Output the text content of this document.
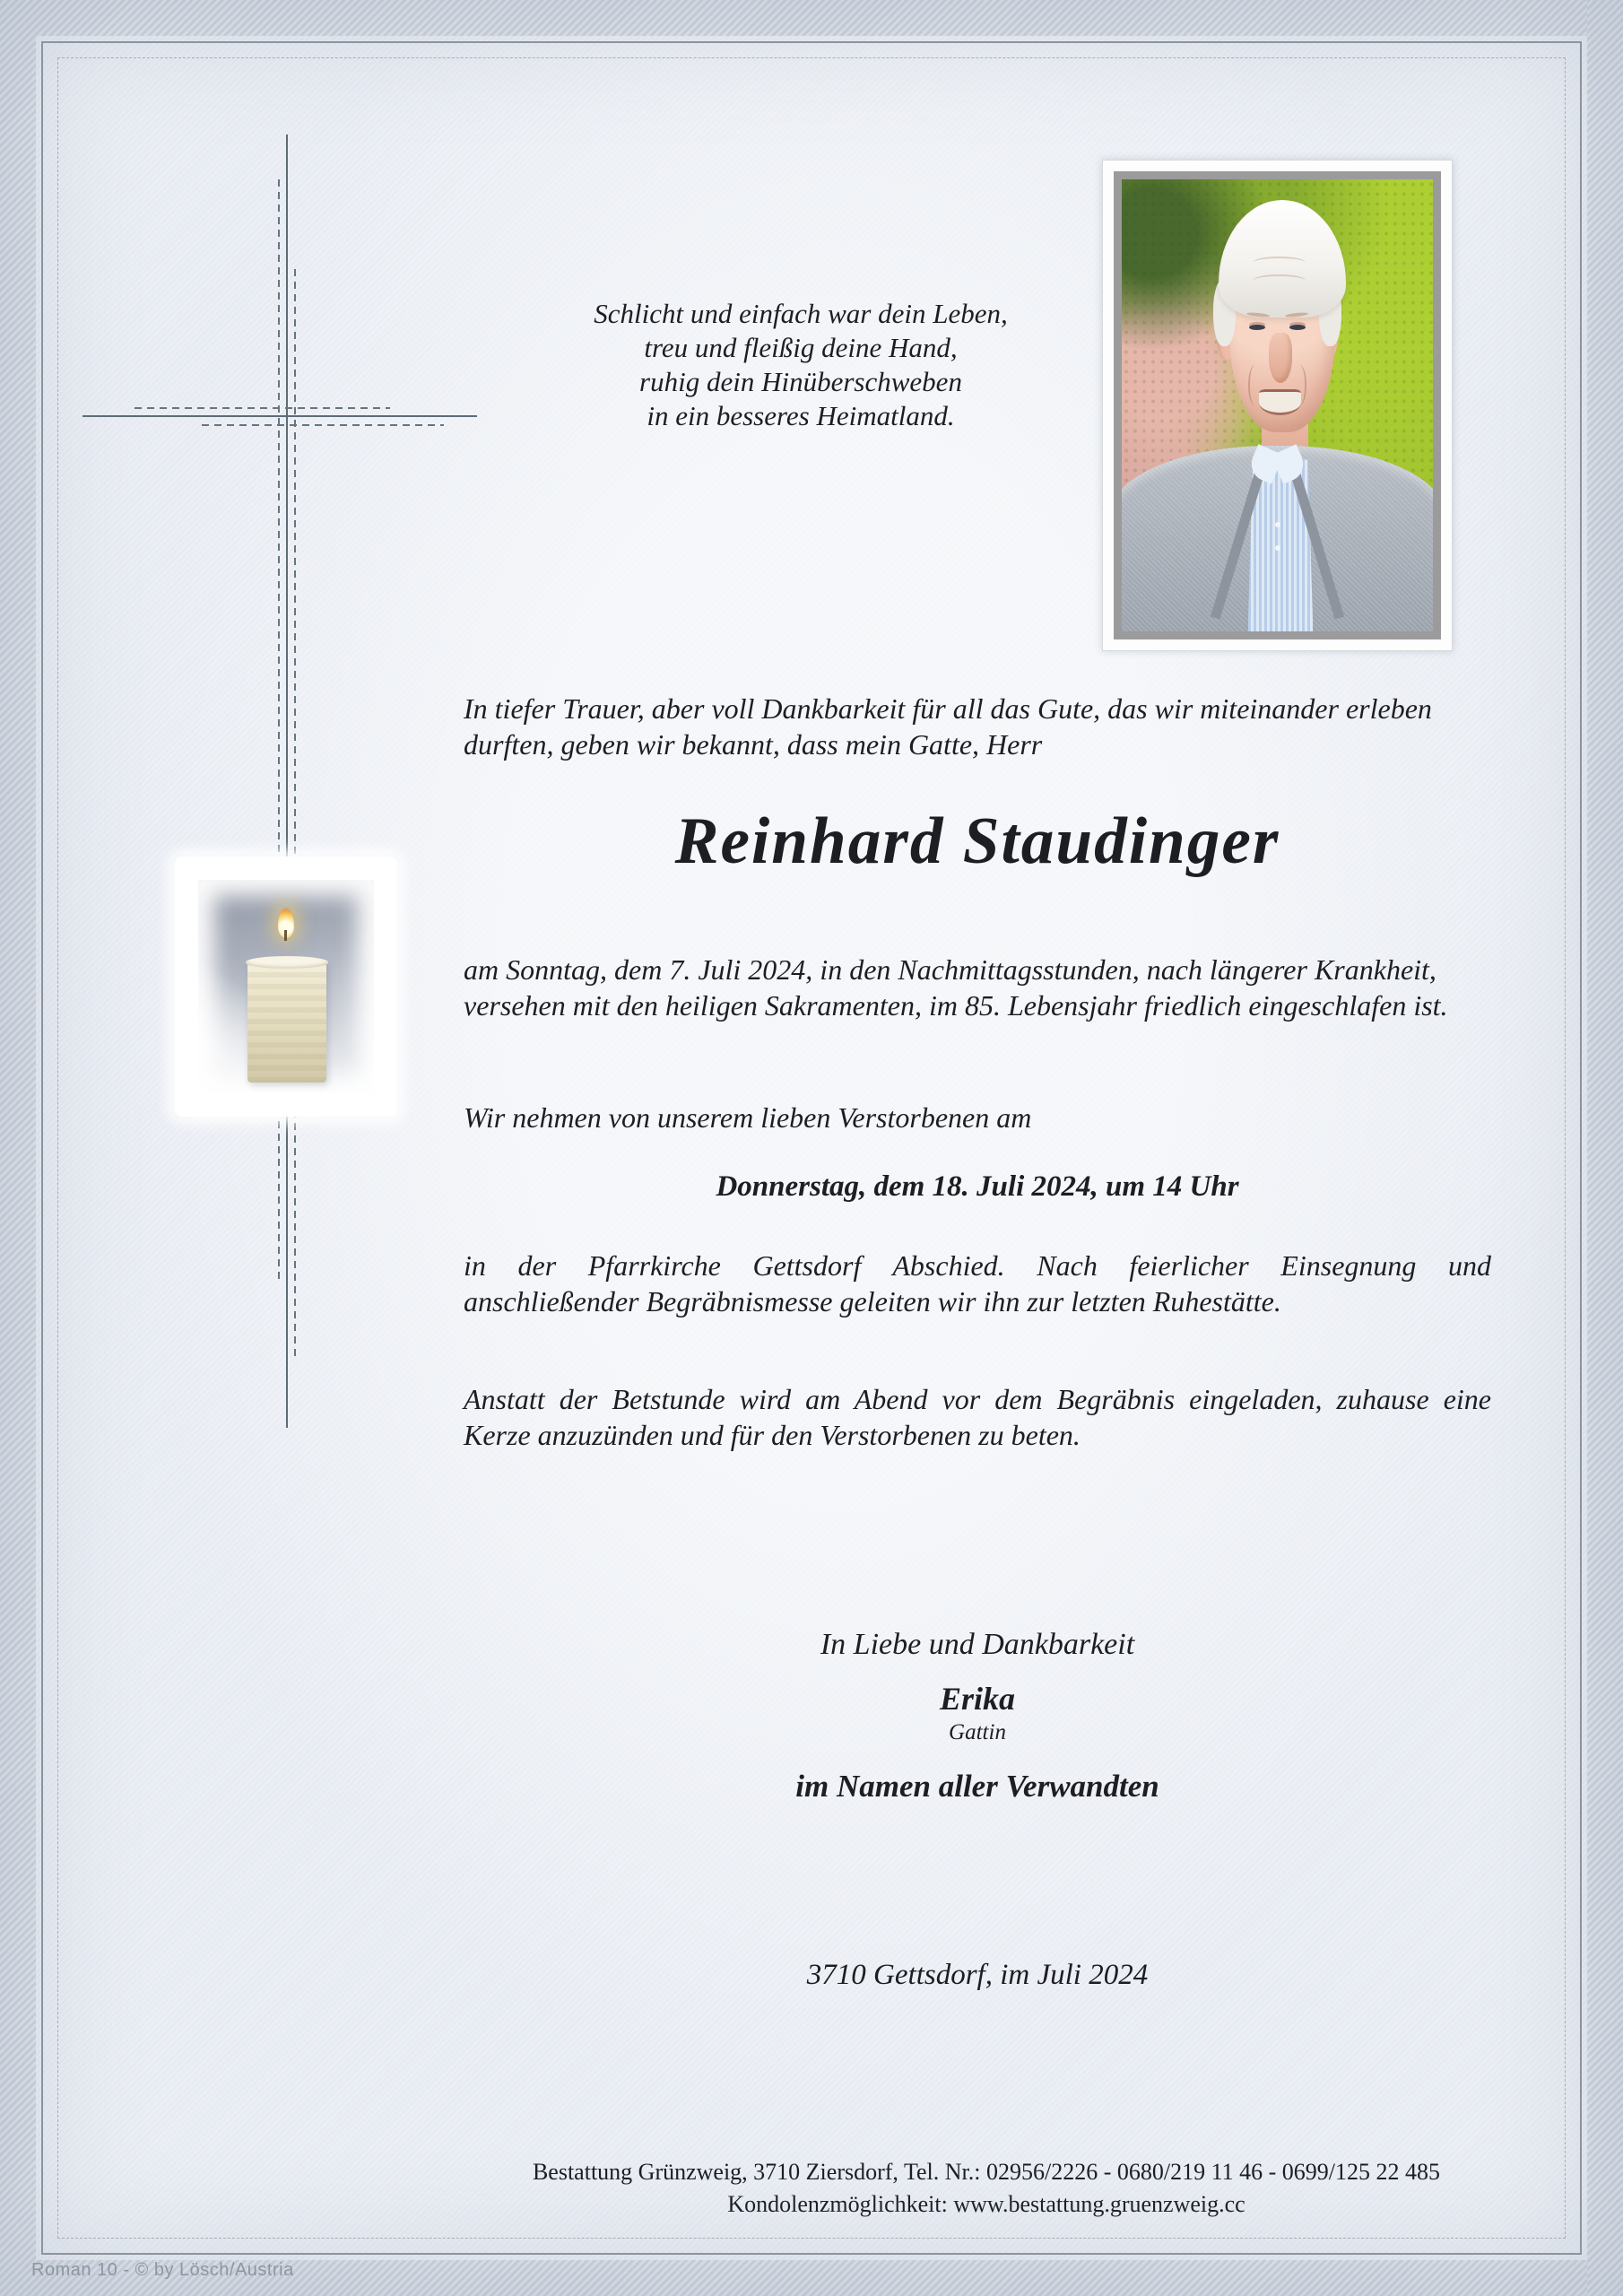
Schlicht und einfach war dein Leben,
treu und fleißig deine Hand,
ruhig dein Hinüberschweben
in ein besseres Heimatland.
In tiefer Trauer, aber voll Dankbarkeit für all das Gute, das wir miteinander erleben
durften, geben wir bekannt, dass mein Gatte, Herr
Reinhard Staudinger
am Sonntag, dem 7. Juli 2024, in den Nachmittagsstunden, nach längerer Krankheit,
versehen mit den heiligen Sakramenten, im 85. Lebensjahr friedlich eingeschlafen ist.
Wir nehmen von unserem lieben Verstorbenen am
Donnerstag, dem 18. Juli 2024, um 14 Uhr
in der Pfarrkirche Gettsdorf Abschied. Nach feierlicher Einsegnung und
anschließender Begräbnismesse geleiten wir ihn zur letzten Ruhestätte.
Anstatt der Betstunde wird am Abend vor dem Begräbnis eingeladen, zuhause eine
Kerze anzuzünden und für den Verstorbenen zu beten.
In Liebe und Dankbarkeit
Erika
Gattin
im Namen aller Verwandten
3710 Gettsdorf, im Juli 2024
Bestattung Grünzweig, 3710 Ziersdorf, Tel. Nr.: 02956/2226 - 0680/219 11 46 - 0699/125 22 485
Kondolenzmöglichkeit: www.bestattung.gruenzweig.cc
Roman 10 - © by Lösch/Austria
